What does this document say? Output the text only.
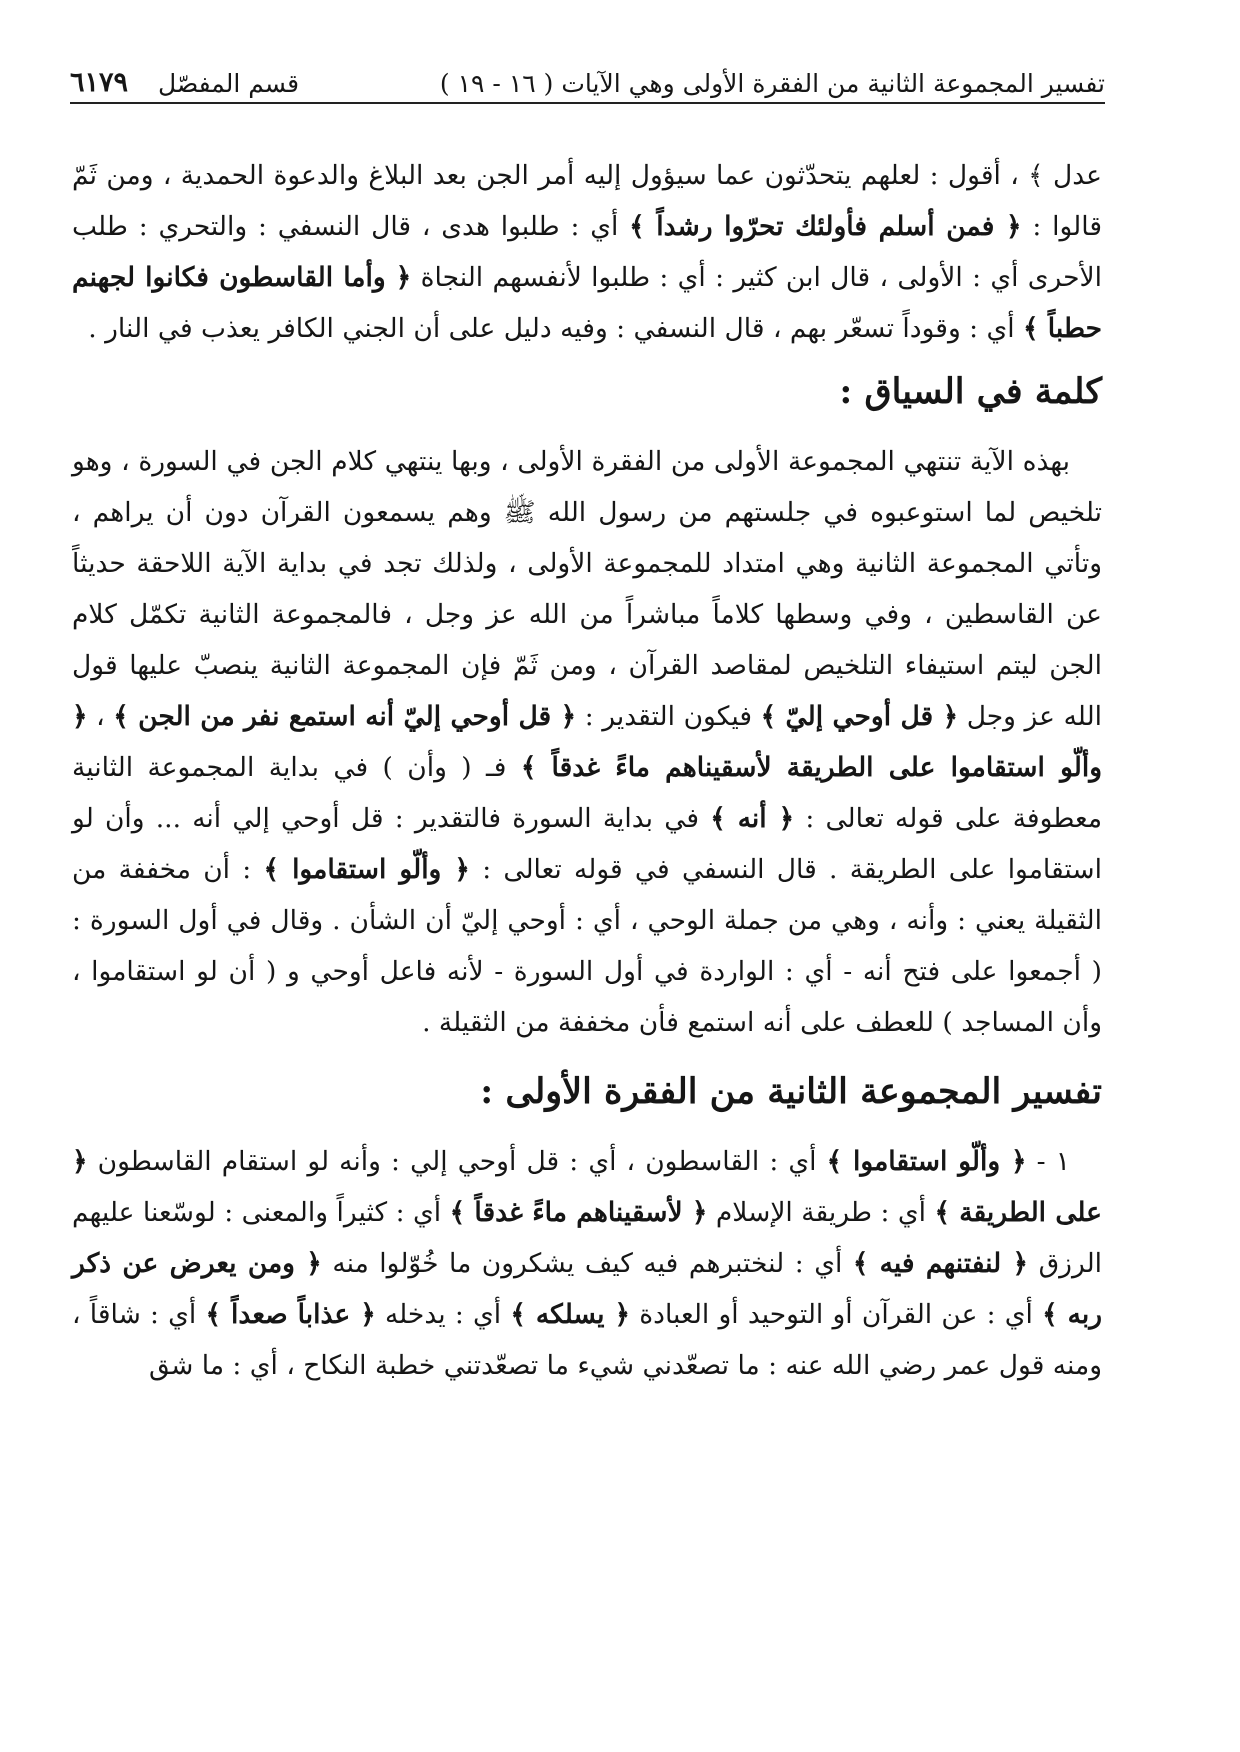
تفسير المجموعة الثانية من الفقرة الأولى وهي الآيات ( ١٦ - ١٩ )
قسم المفصّل
٦١٧٩

عدل ﴾ ، أقول : لعلهم يتحدّثون عما سيؤول إليه أمر الجن بعد البلاغ والدعوة الحمدية ، ومن ثَمّ قالوا : ﴿ فمن أسلم فأولئك تحرّوا رشداً ﴾ أي : طلبوا هدى ، قال النسفي : والتحري : طلب الأحرى أي : الأولى ، قال ابن كثير : أي : طلبوا لأنفسهم النجاة ﴿ وأما القاسطون فكانوا لجهنم حطباً ﴾ أي : وقوداً تسعّر بهم ، قال النسفي : وفيه دليل على أن الجني الكافر يعذب في النار .

كلمة في السياق :

بهذه الآية تنتهي المجموعة الأولى من الفقرة الأولى ، وبها ينتهي كلام الجن في السورة ، وهو تلخيص لما استوعبوه في جلستهم من رسول الله ﷺ وهم يسمعون القرآن دون أن يراهم ، وتأتي المجموعة الثانية وهي امتداد للمجموعة الأولى ، ولذلك تجد في بداية الآية اللاحقة حديثاً عن القاسطين ، وفي وسطها كلاماً مباشراً من الله عز وجل ، فالمجموعة الثانية تكمّل كلام الجن ليتم استيفاء التلخيص لمقاصد القرآن ، ومن ثَمّ فإن المجموعة الثانية ينصبّ عليها قول الله عز وجل ﴿ قل أوحي إليّ ﴾ فيكون التقدير : ﴿ قل أوحي إليّ أنه استمع نفر من الجن ﴾ ، ﴿ وألّو استقاموا على الطريقة لأسقيناهم ماءً غدقاً ﴾ فـ ( وأن ) في بداية المجموعة الثانية معطوفة على قوله تعالى : ﴿ أنه ﴾ في بداية السورة فالتقدير : قل أوحي إلي أنه ... وأن لو استقاموا على الطريقة . قال النسفي في قوله تعالى : ﴿ وألّو استقاموا ﴾ : أن مخففة من الثقيلة يعني : وأنه ، وهي من جملة الوحي ، أي : أوحي إليّ أن الشأن . وقال في أول السورة : ( أجمعوا على فتح أنه - أي : الواردة في أول السورة - لأنه فاعل أوحي و ( أن لو استقاموا ، وأن المساجد ) للعطف على أنه استمع فأن مخففة من الثقيلة .

تفسير المجموعة الثانية من الفقرة الأولى :

١ - ﴿ وألّو استقاموا ﴾ أي : القاسطون ، أي : قل أوحي إلي : وأنه لو استقام القاسطون ﴿ على الطريقة ﴾ أي : طريقة الإسلام ﴿ لأسقيناهم ماءً غدقاً ﴾ أي : كثيراً والمعنى : لوسّعنا عليهم الرزق ﴿ لنفتنهم فيه ﴾ أي : لنختبرهم فيه كيف يشكرون ما خُوّلوا منه ﴿ ومن يعرض عن ذكر ربه ﴾ أي : عن القرآن أو التوحيد أو العبادة ﴿ يسلكه ﴾ أي : يدخله ﴿ عذاباً صعداً ﴾ أي : شاقاً ، ومنه قول عمر رضي الله عنه : ما تصعّدني شيء ما تصعّدتني خطبة النكاح ، أي : ما شق
